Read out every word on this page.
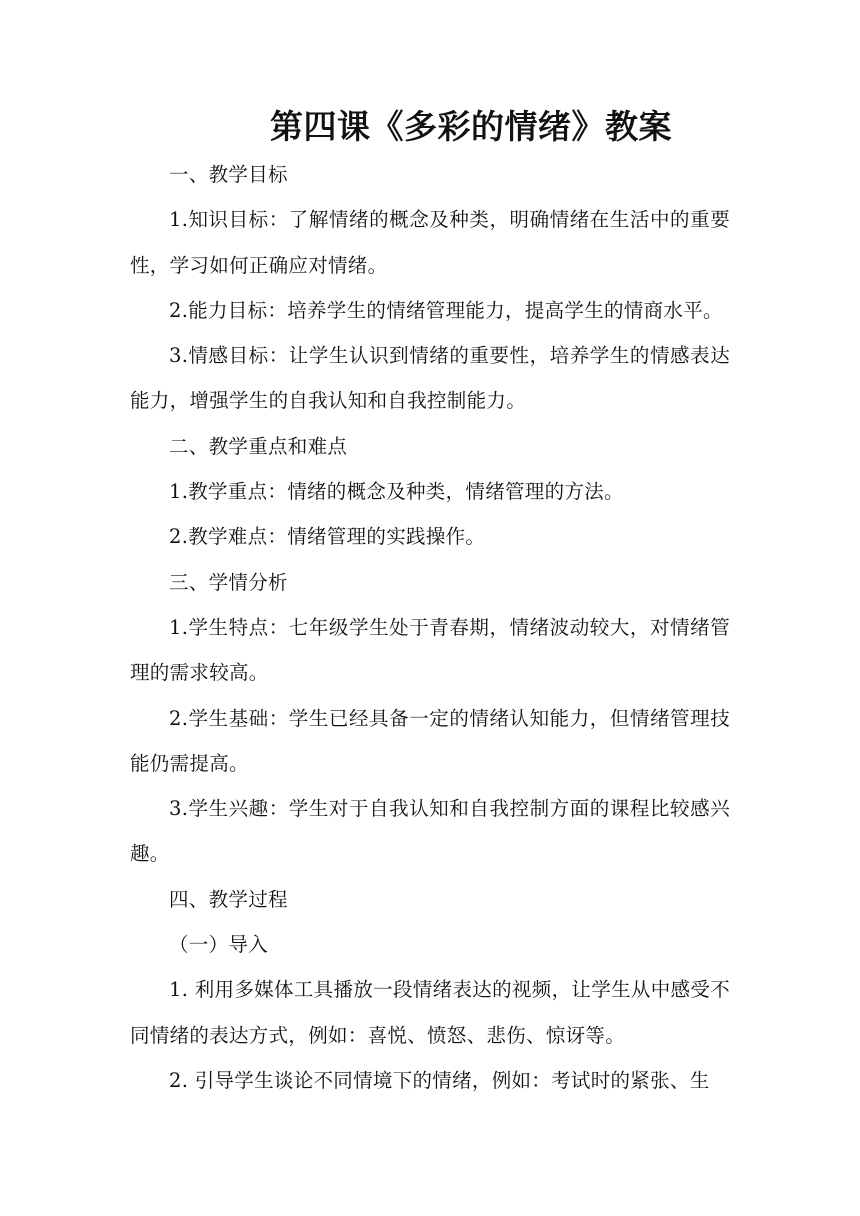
第四课《多彩的情绪》教案

一、教学目标

1.知识目标：了解情绪的概念及种类，明确情绪在生活中的重要性，学习如何正确应对情绪。

2.能力目标：培养学生的情绪管理能力，提高学生的情商水平。

3.情感目标：让学生认识到情绪的重要性，培养学生的情感表达能力，增强学生的自我认知和自我控制能力。

二、教学重点和难点

1.教学重点：情绪的概念及种类，情绪管理的方法。

2.教学难点：情绪管理的实践操作。

三、学情分析

1.学生特点：七年级学生处于青春期，情绪波动较大，对情绪管理的需求较高。

2.学生基础：学生已经具备一定的情绪认知能力，但情绪管理技能仍需提高。

3.学生兴趣：学生对于自我认知和自我控制方面的课程比较感兴趣。

四、教学过程

（一）导入

1. 利用多媒体工具播放一段情绪表达的视频，让学生从中感受不同情绪的表达方式，例如：喜悦、愤怒、悲伤、惊讶等。

2. 引导学生谈论不同情境下的情绪，例如：考试时的紧张、生
